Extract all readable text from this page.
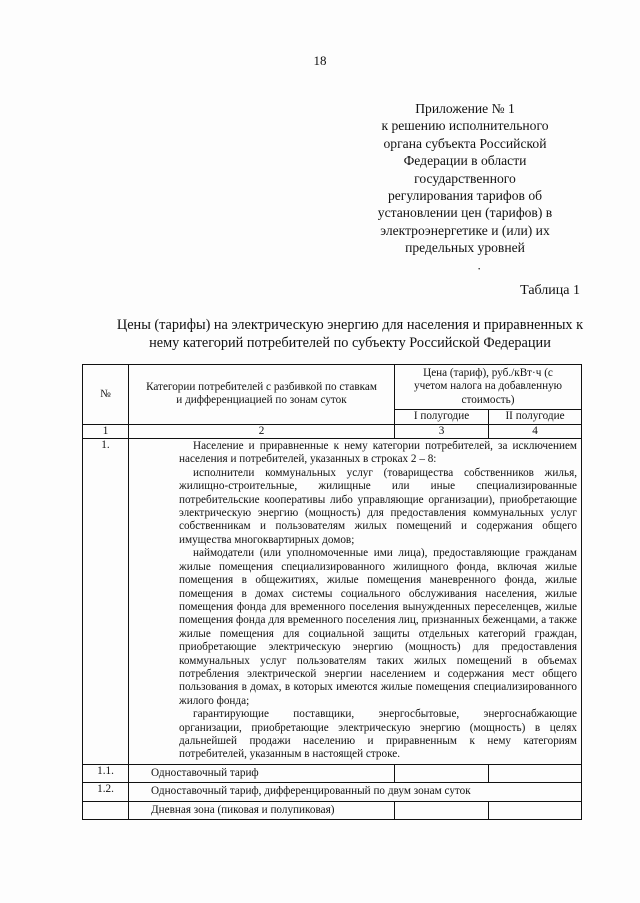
18
Приложение № 1
к решению исполнительного
органа субъекта Российской
Федерации в области
государственного
регулирования тарифов об
установлении цен (тарифов) в
электроэнергетике и (или) их
предельных уровней
·
Таблица 1
Цены (тарифы) на электрическую энергию для населения и приравненных к
нему категорий потребителей по субъекту Российской Федерации
№	Категории потребителей с разбивкой по ставкам и дифференциацией по зонам суток	Цена (тариф), руб./кВт·ч (с учетом налога на добавленную стоимость)	
		I полугодие	II полугодие
1	2	3	4
1.	Население и приравненные к нему категории потребителей, за исключением населения и потребителей, указанных в строках 2 – 8:
исполнители коммунальных услуг (товарищества собственников жилья, жилищно-строительные, жилищные или иные специализированные потребительские кооперативы либо управляющие организации), приобретающие электрическую энергию (мощность) для предоставления коммунальных услуг собственникам и пользователям жилых помещений и содержания общего имущества многоквартирных домов;
наймодатели (или уполномоченные ими лица), предоставляющие гражданам жилые помещения специализированного жилищного фонда, включая жилые помещения в общежитиях, жилые помещения маневренного фонда, жилые помещения в домах системы социального обслуживания населения, жилые помещения фонда для временного поселения вынужденных переселенцев, жилые помещения фонда для временного поселения лиц, признанных беженцами, а также жилые помещения для социальной защиты отдельных категорий граждан, приобретающие электрическую энергию (мощность) для предоставления коммунальных услуг пользователям таких жилых помещений в объемах потребления электрической энергии населением и содержания мест общего пользования в домах, в которых имеются жилые помещения специализированного жилого фонда;
гарантирующие поставщики, энергосбытовые, энергоснабжающие организации, приобретающие электрическую энергию (мощность) в целях дальнейшей продажи населению и приравненным к нему категориям потребителей, указанным в настоящей строке.		

1.1.	Одноставочный тариф		
1.2.	Одноставочный тариф, дифференцированный по двум зонам суток		
	Дневная зона (пиковая и полупиковая)		
